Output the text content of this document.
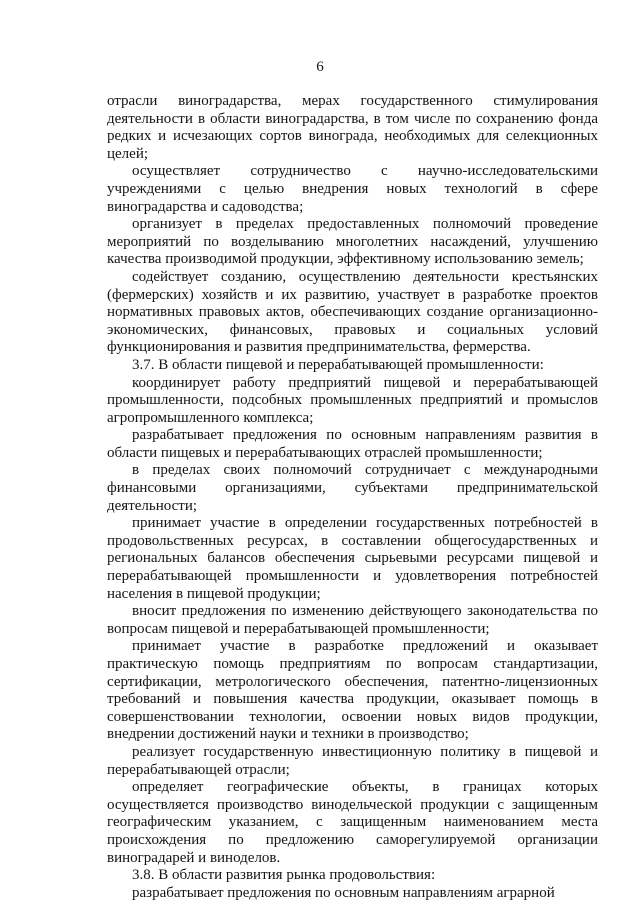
6

отрасли виноградарства, мерах государственного стимулирования деятельности в области виноградарства, в том числе по сохранению фонда редких и исчезающих сортов винограда, необходимых для селекционных целей;

осуществляет сотрудничество с научно-исследовательскими учреждениями с целью внедрения новых технологий в сфере виноградарства и садоводства;

организует в пределах предоставленных полномочий проведение мероприятий по возделыванию многолетних насаждений, улучшению качества производимой продукции, эффективному использованию земель;

содействует созданию, осуществлению деятельности крестьянских (фермерских) хозяйств и их развитию, участвует в разработке проектов нормативных правовых актов, обеспечивающих создание организационно-экономических, финансовых, правовых и социальных условий функционирования и развития предпринимательства, фермерства.

3.7. В области пищевой и перерабатывающей промышленности:

координирует работу предприятий пищевой и перерабатывающей промышленности, подсобных промышленных предприятий и промыслов агропромышленного комплекса;

разрабатывает предложения по основным направлениям развития в области пищевых и перерабатывающих отраслей промышленности;

в пределах своих полномочий сотрудничает с международными финансовыми организациями, субъектами предпринимательской деятельности;

принимает участие в определении государственных потребностей в продовольственных ресурсах, в составлении общегосударственных и региональных балансов обеспечения сырьевыми ресурсами пищевой и перерабатывающей промышленности и удовлетворения потребностей населения в пищевой продукции;

вносит предложения по изменению действующего законодательства по вопросам пищевой и перерабатывающей промышленности;

принимает участие в разработке предложений и оказывает практическую помощь предприятиям по вопросам стандартизации, сертификации, метрологического обеспечения, патентно-лицензионных требований и повышения качества продукции, оказывает помощь в совершенствовании технологии, освоении новых видов продукции, внедрении достижений науки и техники в производство;

реализует государственную инвестиционную политику в пищевой и перерабатывающей отрасли;

определяет географические объекты, в границах которых осуществляется производство винодельческой продукции с защищенным географическим указанием, с защищенным наименованием места происхождения по предложению саморегулируемой организации виноградарей и виноделов.

3.8. В области развития рынка продовольствия:

разрабатывает предложения по основным направлениям аграрной
